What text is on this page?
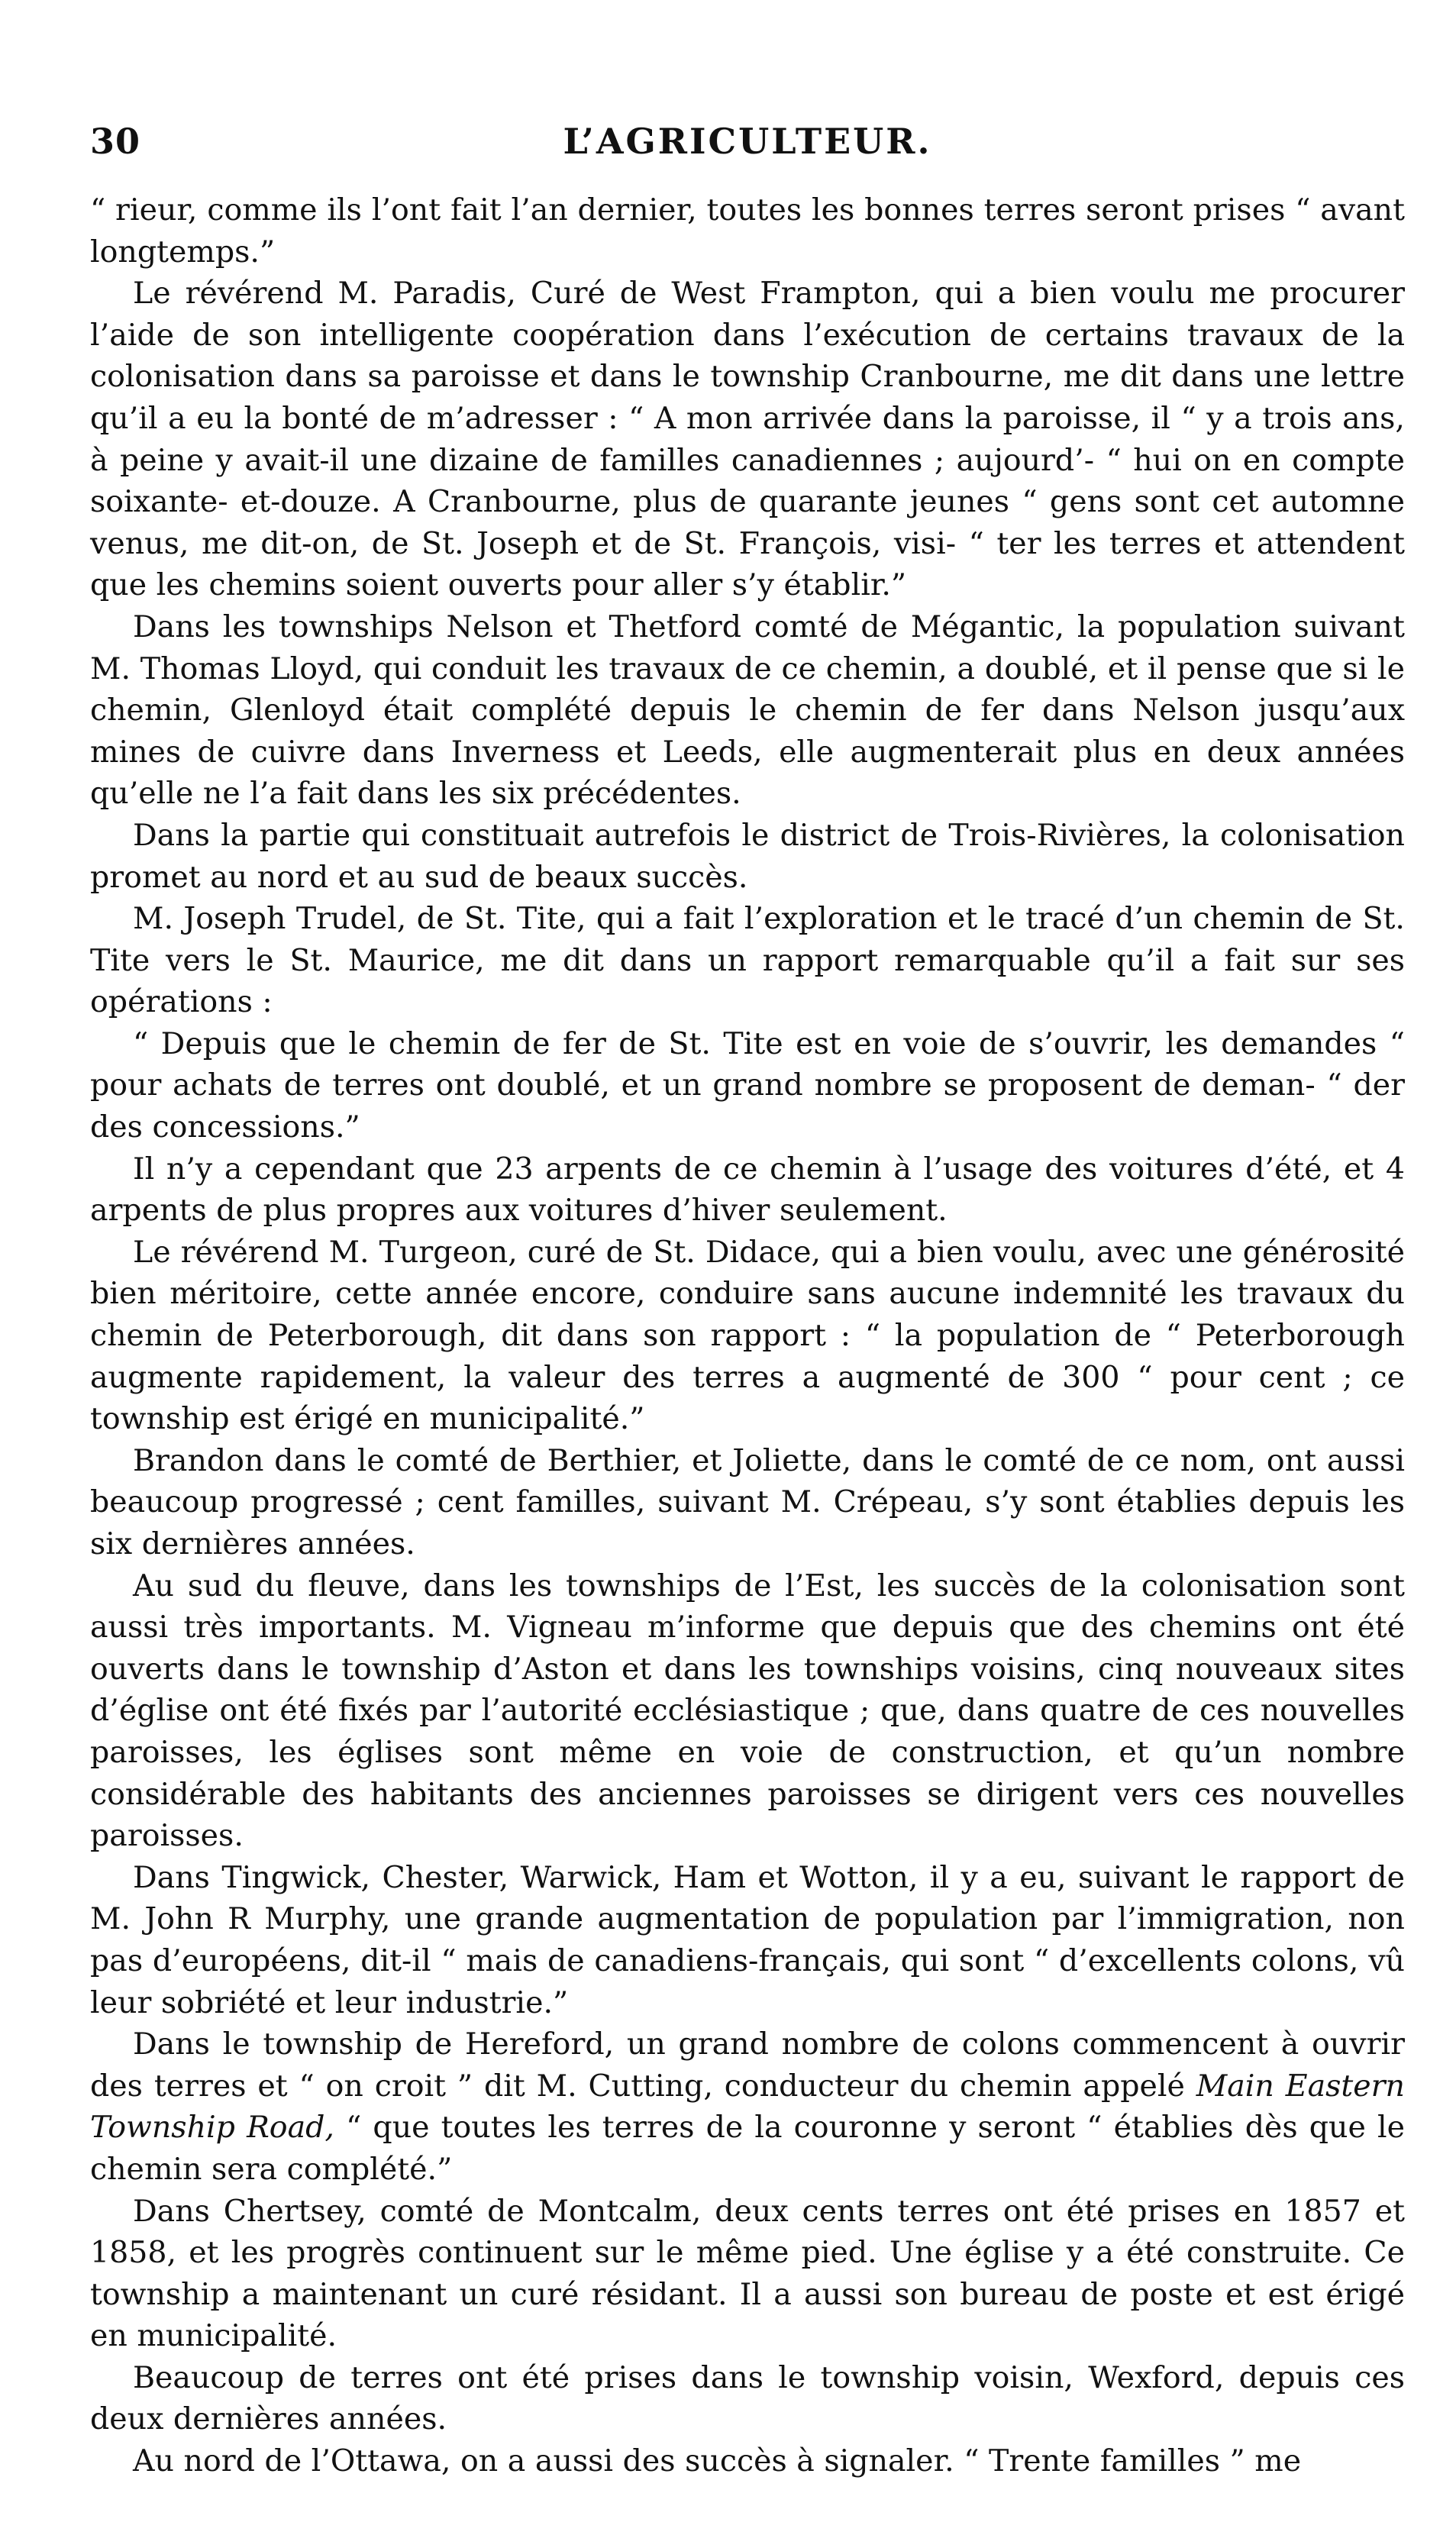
30	L’AGRICULTEUR.

“ rieur, comme ils l’ont fait l’an dernier, toutes les bonnes terres seront prises “ avant longtemps.”

Le révérend M. Paradis, Curé de West Frampton, qui a bien voulu me procurer l’aide de son intelligente coopération dans l’exécution de certains travaux de la colonisation dans sa paroisse et dans le township Cranbourne, me dit dans une lettre qu’il a eu la bonté de m’adresser : “ A mon arrivée dans la paroisse, il “ y a trois ans, à peine y avait-il une dizaine de familles canadiennes ; aujourd’- “ hui on en compte soixante- et-douze. A Cranbourne, plus de quarante jeunes “ gens sont cet automne venus, me dit-on, de St. Joseph et de St. François, visi- “ ter les terres et attendent que les chemins soient ouverts pour aller s’y établir.”

Dans les townships Nelson et Thetford comté de Mégantic, la population suivant M. Thomas Lloyd, qui conduit les travaux de ce chemin, a doublé, et il pense que si le chemin, Glenloyd était complété depuis le chemin de fer dans Nelson jusqu’aux mines de cuivre dans Inverness et Leeds, elle augmenterait plus en deux années qu’elle ne l’a fait dans les six précédentes.

Dans la partie qui constituait autrefois le district de Trois-Rivières, la colonisation promet au nord et au sud de beaux succès.

M. Joseph Trudel, de St. Tite, qui a fait l’exploration et le tracé d’un chemin de St. Tite vers le St. Maurice, me dit dans un rapport remarquable qu’il a fait sur ses opérations :

“ Depuis que le chemin de fer de St. Tite est en voie de s’ouvrir, les demandes “ pour achats de terres ont doublé, et un grand nombre se proposent de deman- “ der des concessions.”

Il n’y a cependant que 23 arpents de ce chemin à l’usage des voitures d’été, et 4 arpents de plus propres aux voitures d’hiver seulement.

Le révérend M. Turgeon, curé de St. Didace, qui a bien voulu, avec une générosité bien méritoire, cette année encore, conduire sans aucune indemnité les travaux du chemin de Peterborough, dit dans son rapport : “ la population de “ Peterborough augmente rapidement, la valeur des terres a augmenté de 300 “ pour cent ; ce township est érigé en municipalité.”

Brandon dans le comté de Berthier, et Joliette, dans le comté de ce nom, ont aussi beaucoup progressé ; cent familles, suivant M. Crépeau, s’y sont établies depuis les six dernières années.

Au sud du fleuve, dans les townships de l’Est, les succès de la colonisation sont aussi très importants. M. Vigneau m’informe que depuis que des chemins ont été ouverts dans le township d’Aston et dans les townships voisins, cinq nouveaux sites d’église ont été fixés par l’autorité ecclésiastique ; que, dans quatre de ces nouvelles paroisses, les églises sont même en voie de construction, et qu’un nombre considérable des habitants des anciennes paroisses se dirigent vers ces nouvelles paroisses.

Dans Tingwick, Chester, Warwick, Ham et Wotton, il y a eu, suivant le rapport de M. John R Murphy, une grande augmentation de population par l’immigration, non pas d’européens, dit-il “ mais de canadiens-français, qui sont “ d’excellents colons, vû leur sobriété et leur industrie.”

Dans le township de Hereford, un grand nombre de colons commencent à ouvrir des terres et “ on croit ” dit M. Cutting, conducteur du chemin appelé Main Eastern Township Road, “ que toutes les terres de la couronne y seront “ établies dès que le chemin sera complété.”

Dans Chertsey, comté de Montcalm, deux cents terres ont été prises en 1857 et 1858, et les progrès continuent sur le même pied. Une église y a été construite. Ce township a maintenant un curé résidant. Il a aussi son bureau de poste et est érigé en municipalité.

Beaucoup de terres ont été prises dans le township voisin, Wexford, depuis ces deux dernières années.

Au nord de l’Ottawa, on a aussi des succès à signaler. “ Trente familles ” me
